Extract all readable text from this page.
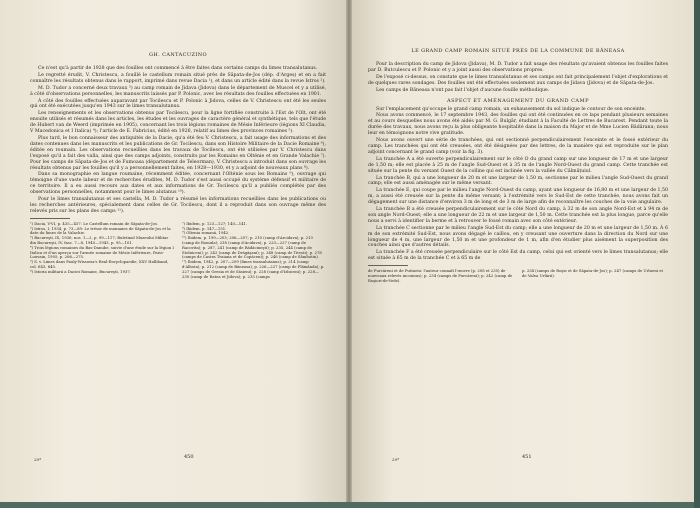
GH. CANTACUZINO

Ce n'est qu'à partir de 1928 que des fouilles ont commencé à être faites dans certains camps du limes transalutanus.

Le regretté érudit, V. Christescu, a fouillé le castellum romain situé près de Săpata-de-Jos (dép. d'Argeș) et en a fait connaître les résultats obtenus dans le rapport, imprimé dans revue Dacia ¹), et dans un article édité dans la revue Istros ²).

M. D. Tudor a concerné deux travaux ³) au camp romain de Jidava (Jidova) dans le département de Muscel et y a utilisé, à côté d'observations personnelles, les manuscrits laissés par P. Polonic, avec les résultats des fouilles effectuées en 1901.

À côté des fouilles effectuées auparavant par Tocilescu et P. Polonic à Jidova, celles de V. Christescu ont été les seules qui ont été exécutées jusqu'en 1943 sur le limes transalutanus.

Les renseignements et les observations obtenus par Tocilescu, pour la ligne fortifiée construite à l'Est de l'Olt, ont été ensuite utilisés et résumés dans les articles, les études et les ouvrages de caractère général et synthétique, tels que l'étude de Hubert van de Weerd (imprimée en 1905), concernant les trois légions romaines de Mésie Inférieure (légions XI Claudia, V Macedonica et I Italica) ⁴); l'article de E. Fabricius, édité en 1926, relatif au limes des provinces romaines ⁵).

Plus tard, le bon connaisseur des antiquités de la Dacie, qu'a été feu V. Christescu, a fait usage des informations et des dates contenues dans les manuscrits et les publications de Gr. Tocilescu, dans son Histoire Militaire de la Dacie Romaine ⁶), éditée en roumain. Les observations recueillies dans les travaux de Tocilescu, ont été utilisées par V. Christescu dans l'exposé qu'il a fait des valla, ainsi que des camps adjoints, construits par les Romains en Olténie et en Grande Valachie ⁷). Pour les camps de Săpata-de-Jos et de Fumoasa (département de Teleorman), V. Christescu a introduit dans son ouvrage les résultats obtenus par les fouilles qu'il y a personnellement faites, en 1928—1930, et y a adjoint de nouveaux plans ⁸).

Dans sa monographie en langue roumaine, récemment éditée, concernant l'Olténie sous les Romains ⁹), ouvrage qui témoigne d'une vaste labeur et de recherches érudites, M. D. Tudor s'est aussi occupé du système défensif et militaire de ce territoire. Il a eu aussi recours aux dates et aux informations de Gr. Tocilescu qu'il a publiés complétés par des observations personnelles, notamment pour le limes alutanus ¹⁰).

Pour le limes transalutanus et ses castella, M. D. Tudor a résumé les informations recueillies dans les publications ou les recherches antérieures, spécialement dans celles de Gr. Tocilescu, dont il a reproduit dans son ouvrage même des relevés pris sur les plans des camps ¹¹).

¹) Dacia, V-VI, p. 435—457: Le Castellum romain de Săpata-de-Jos.
²) Istros, I, 1934, p. 73—89: Le trésor de monnaies de Săpata-de-Jos et la date du limes de la Valachie.
³) Bucureşti, IX, 1936, nos. 1—2, p. 99—117; Buletinul Muzeului Militar din Bucureşti, IV, fasc. 7—8, 1940—1943, p. 95—101.
⁴) Trois légions romaines du Bas-Danube, suivie d'une étude sur la légion I Italica et d'un aperçu sur l'armée romaine de Mésie Inférieure, Paris-Louvain, 1905, p. 266—275.
⁵) S. v. Limes dans Pauly-Wissowa's Real-Encyclopaedie, XXV Halbband, col. 643, 645.
⁶) Istoria militară a Daciei Romane, Bucureşti, 1937.
⁷) Ibidem, p. 123—127; 140—141.
⁸) Ibidem, p. 147—151.
⁹) Oltenia romană, 1942.
¹⁰) Ibidem, p. 199—203; 206—207; p. 210 (camp d'Arcidava); p. 213 (camp de Romula); 238 (camp d'Acidava); p. 223—227 (camp de Racovita); p. 287, 241 (camp de Rădăcineşti); p. 235, 244 (camp de Stolniceni); p. 242 (camp de Drăgăşani); p. 248 (camp de Titești); p. 278 (camps de Castra Traiana et de Copăceni); p. 246 (camp de Sâmbotin).
¹¹) Ibidem, 1942, p. 207—209 (limes transalutanus); p. 214 (camp d'Albota); p. 212 (camp de Băneasa); p. 226—227 (camp de Flămânda); p. 227 (camps de Gresia et de Săsieni); p. 228 (camp d'Izbiceni); p. 228—230 (camp de Ratea et Jidova); p. 235 (camps
29*	450
LE GRAND CAMP ROMAIN SITUÉ PRÈS DE LA COMMUNE DE BĂNEASA

Pour la description du camp de Jidova (Jidava), M. D. Tudor a fait usage des résultats qu'avaient obtenus les fouilles faites par D. Butculescu et P. Polonic et y a joint aussi des observations propres.

De l'exposé ci-dessus, on constate que le limes transalutanus et ses camps ont fait principalement l'objet d'explorations et de quelques rares sondages. Des fouilles ont été effectuées seulement aux camps de Jidava (Jidova) et de Săpata-de-Jos.

Les camps de Băneasa n'ont pas fait l'objet d'aucune fouille méthodique.

ASPECT ET AMÉNAGEMENT DU GRAND CAMP

Sur l'emplacement qu'occupe le grand camp romain, un exhaussement du sol indique le contour de son enceinte.

Nous avons commencé, le 17 septembre 1943, des fouilles qui ont été continuées en ce laps pendant plusieurs semaines et au cours desquelles nous avons été aidés par M. G. Bulgăr, étudiant à la Faculté de Lettres de Bucarest. Pendant toute la durée des travaux, nous avons reçu la plus obligeante hospitalité dans la maison du Major et de Mme Lucien Bădăranu; nous leur en témoignons notre vive gratitude.

Nous avons ouvert une série de tranchées, qui ont sectionné perpendiculairement l'enceinte et le fossé extérieur du camp. Les tranchées qui ont été creusées, ont été désignées par des lettres, de la manière qui est reproduite sur le plan adjoint concernant le grand camp (voir la fig. 3).

La tranchée A a été ouverte perpendiculairement sur le côté O du grand camp sur une longueur de 17 m et une largeur de 1,50 m; elle est placée à 25 m de l'angle Sud-Ouest et à 35 m de l'angle Nord-Ouest du grand camp. Cette tranchée est située sur la pente du versant Ouest de la colline qui est inclinée vers la vallée du Călmățuiul.

La tranchée B, qui a une longueur de 20 m et une largeur de 1,50 m, sectionne par le milieu l'angle Sud-Ouest du grand camp; elle est aussi aménagée sur le même versant.

La tranchée E, qui coupe par le milieu l'angle Nord-Ouest du camp, ayant une longueur de 16,80 m et une largeur de 1,50 m, a aussi été creusée sur la pente du même versant; à l'extrémité vers le Sud-Est de cette tranchée, nous avons fait un dégagement sur une distance d'environ 3 m de long et de 3 m de large afin de reconnaître les couches de la voie angulaire.

La tranchée B a été creusée perpendiculairement sur le côté Nord du camp, à 32 m de son angle Nord-Est et à 94 m de son angle Nord-Ouest; elle a une longueur de 22 m et une largeur de 1,50 m. Cette tranchée est la plus longue, parce qu'elle nous a servi à identifier la berme et à retrouver le fossé romain avec son côté extérieur.

La tranchée C sectionne par le milieu l'angle Sud-Est du camp; elle a une longueur de 20 m et une largeur de 1,50 m. À 6 m de son extrémité Sud-Est, nous avons dégagé le caillou, en y creusant une ouverture dans la direction du Nord sur une longueur de 4 m, une largeur de 1,50 m et une profondeur de 1 m, afin d'en étudier plus aisément la superposition des couches ainsi que d'autres détails.

La tranchée F a été creusée perpendiculaire sur le côté Est du camp, celui qui est orienté vers le limes transalutanus; elle est située à 65 m de la tranchée C et à 65 m de

de Purcăreni et de Putineiu: l'auteur connaît l'œuvre (p. 208 et 235) de nouveaux relevés inconnus); p. 234 (camps de Purcăreni); p. 242 (camp de Roşiori-de-Vede).
p. 234 (camps de Roşie et de Săpata-de-Jos); p. 247 (camps de Urlueni et de Valea Urlării).
29*	451
